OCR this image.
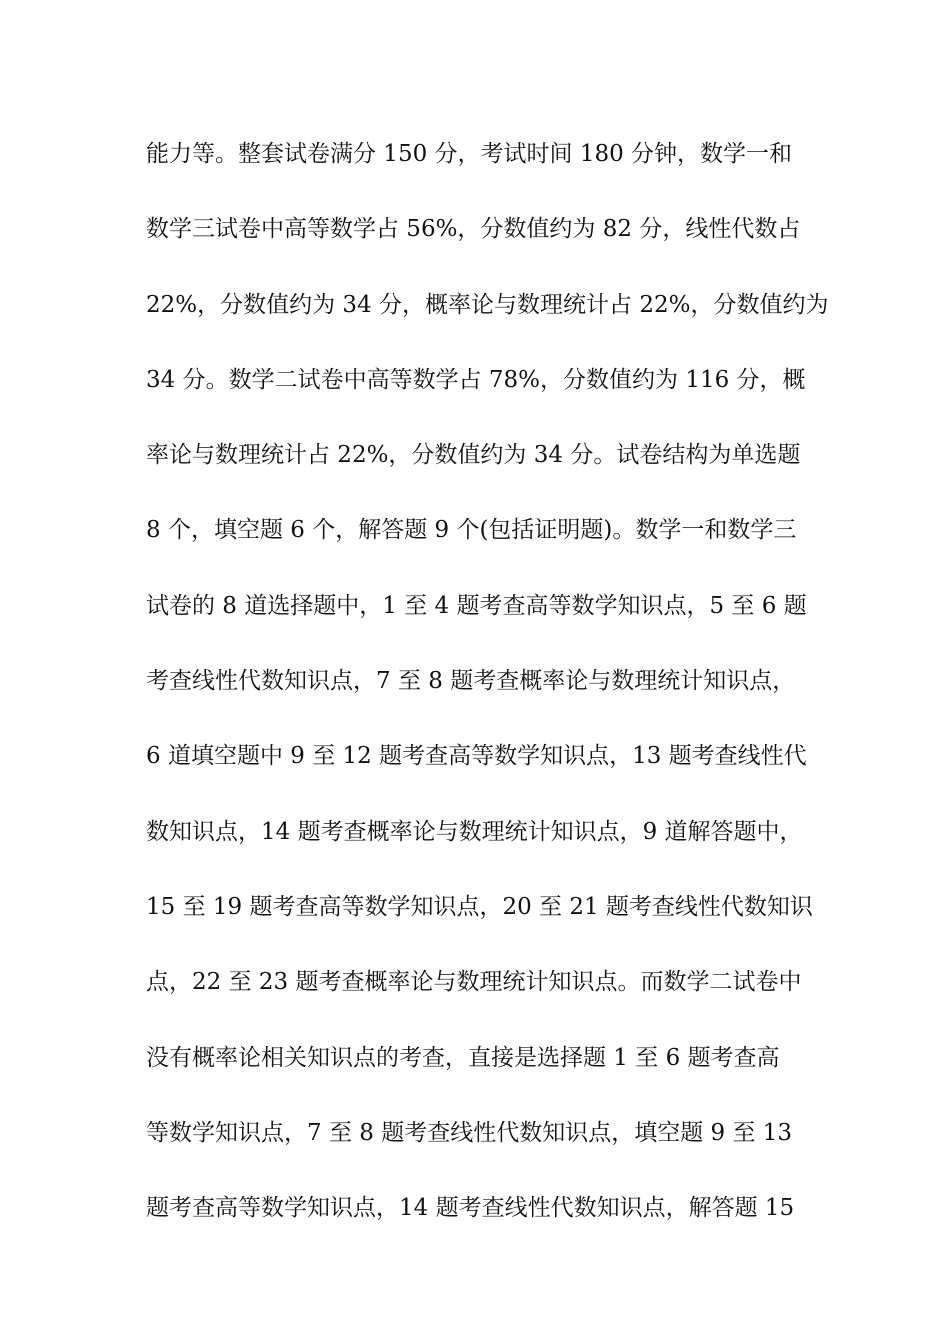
能力等。整套试卷满分 150 分，考试时间 180 分钟，数学一和
数学三试卷中高等数学占 56%，分数值约为 82 分，线性代数占
22%，分数值约为 34 分，概率论与数理统计占 22%，分数值约为
34 分。数学二试卷中高等数学占 78%，分数值约为 116 分，概
率论与数理统计占 22%，分数值约为 34 分。试卷结构为单选题
8 个，填空题 6 个，解答题 9 个(包括证明题)。数学一和数学三
试卷的 8 道选择题中，1 至 4 题考查高等数学知识点，5 至 6 题
考查线性代数知识点，7 至 8 题考查概率论与数理统计知识点，
6 道填空题中 9 至 12 题考查高等数学知识点，13 题考查线性代
数知识点，14 题考查概率论与数理统计知识点，9 道解答题中，
15 至 19 题考查高等数学知识点，20 至 21 题考查线性代数知识
点，22 至 23 题考查概率论与数理统计知识点。而数学二试卷中
没有概率论相关知识点的考查，直接是选择题 1 至 6 题考查高
等数学知识点，7 至 8 题考查线性代数知识点，填空题 9 至 13
题考查高等数学知识点，14 题考查线性代数知识点，解答题 15
